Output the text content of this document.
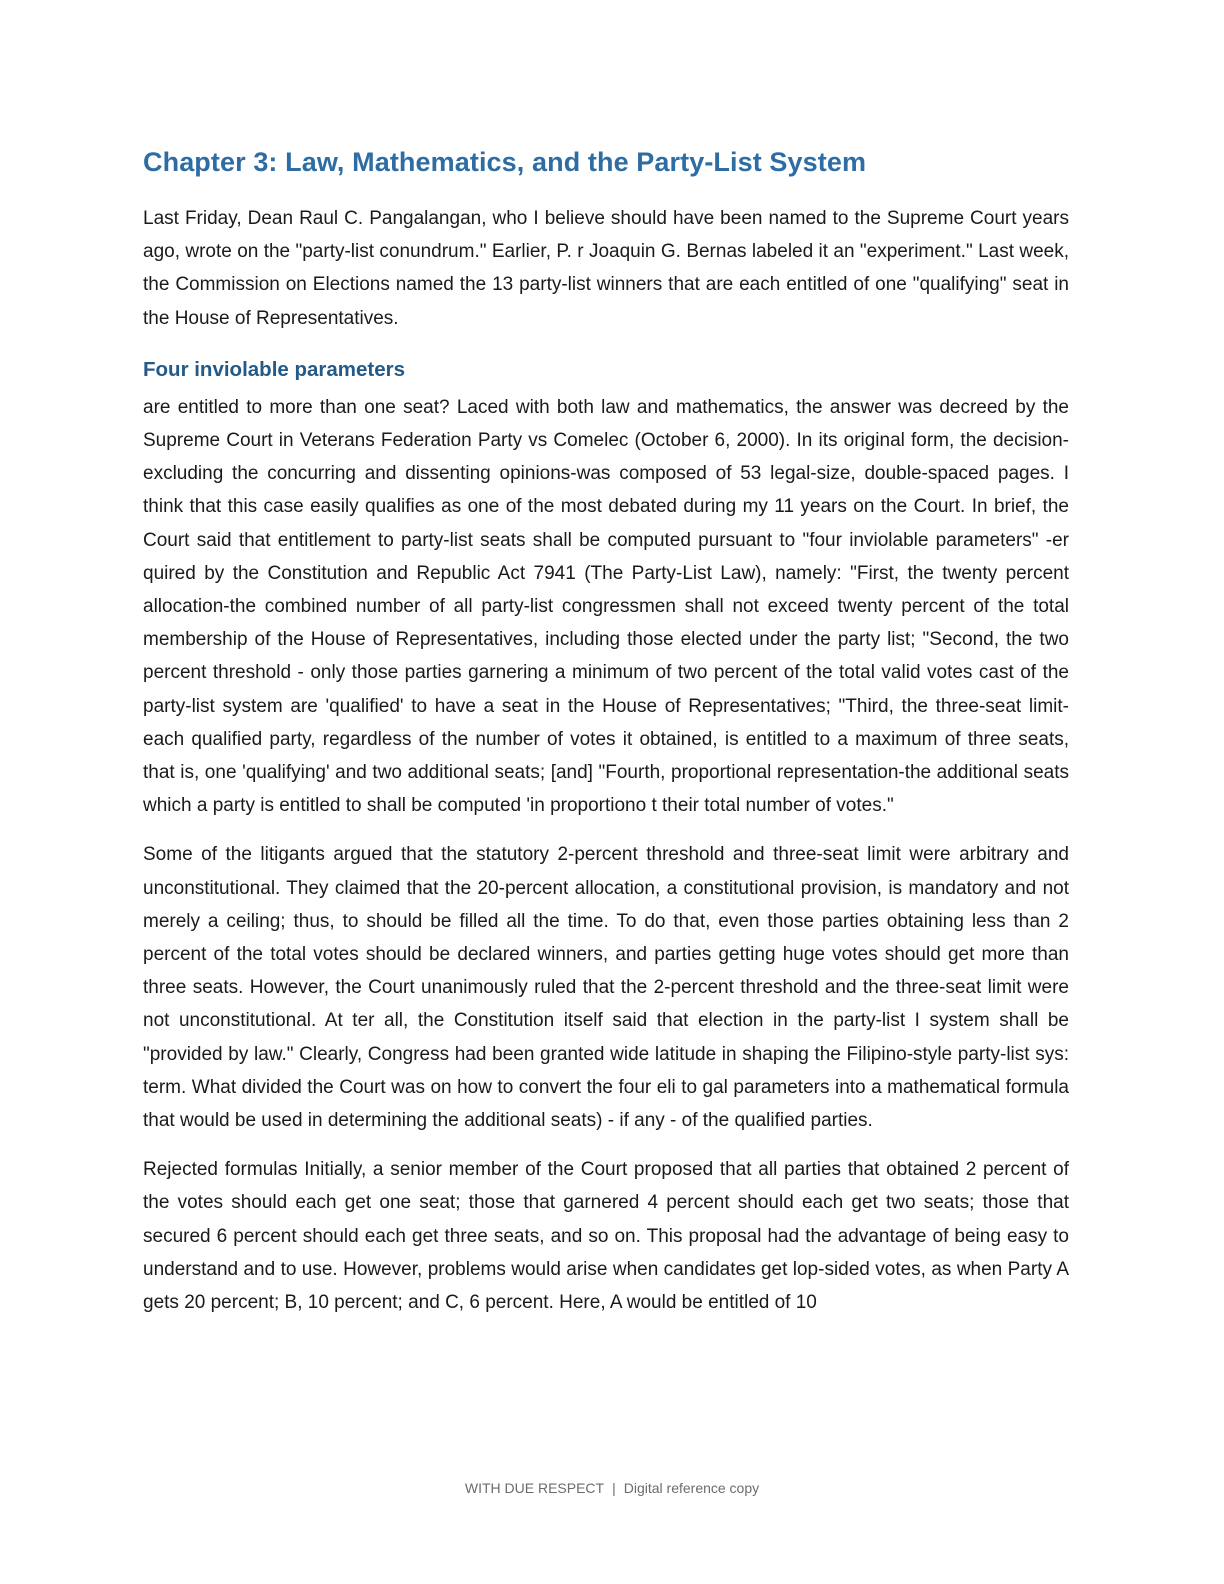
Chapter 3: Law, Mathematics, and the Party-List System

Last Friday, Dean Raul C. Pangalangan, who I believe should have been named to the Supreme Court years ago, wrote on the "party-list conundrum." Earlier, P. r Joaquin G. Bernas labeled it an "experiment." Last week, the Commission on Elections named the 13 party-list winners that are each entitled of one "qualifying" seat in the House of Representatives.

Four inviolable parameters

are entitled to more than one seat? Laced with both law and mathematics, the answer was decreed by the Supreme Court in Veterans Federation Party vs Comelec (October 6, 2000). In its original form, the decision-excluding the concurring and dissenting opinions-was composed of 53 legal-size, double-spaced pages. I think that this case easily qualifies as one of the most debated during my 11 years on the Court. In brief, the Court said that entitlement to party-list seats shall be computed pursuant to "four inviolable parameters" -er quired by the Constitution and Republic Act 7941 (The Party-List Law), namely: "First, the twenty percent allocation-the combined number of all party-list congressmen shall not exceed twenty percent of the total membership of the House of Representatives, including those elected under the party list; "Second, the two percent threshold - only those parties garnering a minimum of two percent of the total valid votes cast of the party-list system are 'qualified' to have a seat in the House of Representatives; "Third, the three-seat limit-each qualified party, regardless of the number of votes it obtained, is entitled to a maximum of three seats, that is, one 'qualifying' and two additional seats; [and] "Fourth, proportional representation-the additional seats which a party is entitled to shall be computed 'in proportiono t their total number of votes."

Some of the litigants argued that the statutory 2-percent threshold and three-seat limit were arbitrary and unconstitutional. They claimed that the 20-percent allocation, a constitutional provision, is mandatory and not merely a ceiling; thus, to should be filled all the time. To do that, even those parties obtaining less than 2 percent of the total votes should be declared winners, and parties getting huge votes should get more than three seats. However, the Court unanimously ruled that the 2-percent threshold and the three-seat limit were not unconstitutional. At ter all, the Constitution itself said that election in the party-list I system shall be "provided by law." Clearly, Congress had been granted wide latitude in shaping the Filipino-style party-list sys: term. What divided the Court was on how to convert the four eli to gal parameters into a mathematical formula that would be used in determining the additional seats) - if any - of the qualified parties.

Rejected formulas Initially, a senior member of the Court proposed that all parties that obtained 2 percent of the votes should each get one seat; those that garnered 4 percent should each get two seats; those that secured 6 percent should each get three seats, and so on. This proposal had the advantage of being easy to understand and to use. However, problems would arise when candidates get lop-sided votes, as when Party A gets 20 percent; B, 10 percent; and C, 6 percent. Here, A would be entitled of 10

WITH DUE RESPECT | Digital reference copy
